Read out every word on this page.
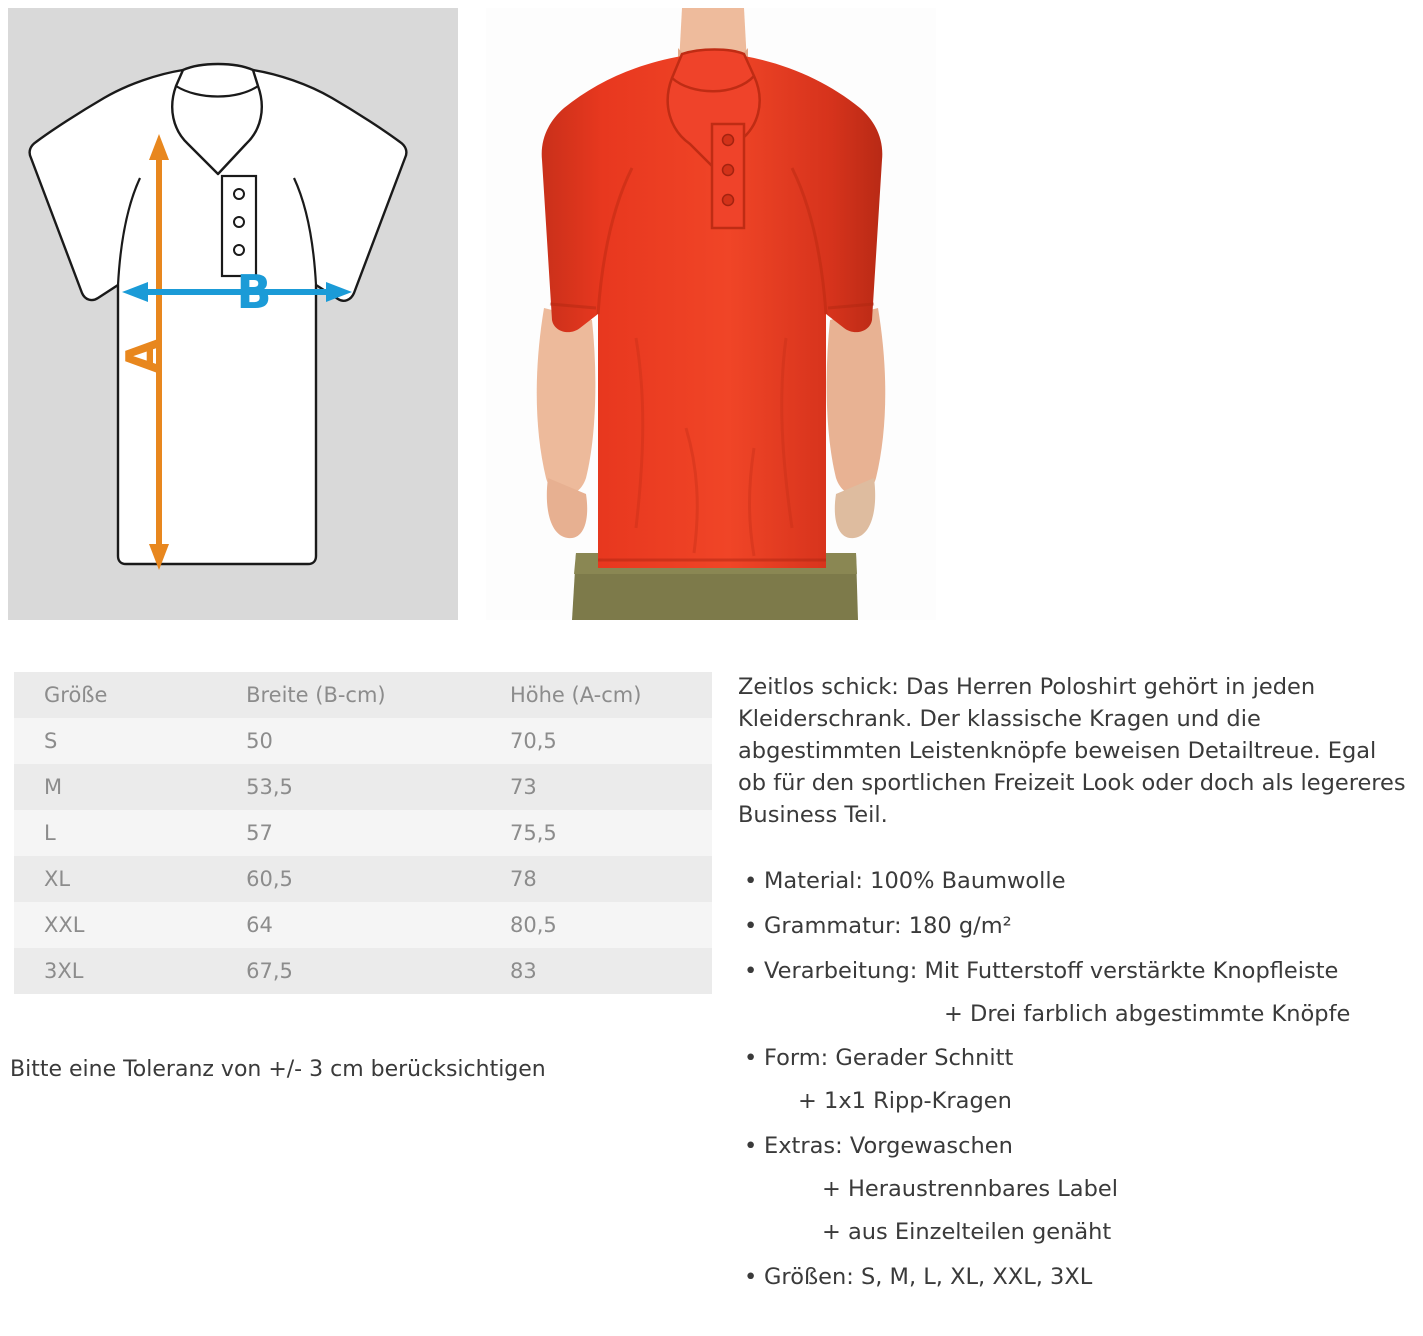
A
B
Größe	Breite (B-cm)	Höhe (A-cm)
S	50	70,5
M	53,5	73
L	57	75,5
XL	60,5	78
XXL	64	80,5
3XL	67,5	83
Bitte eine Toleranz von +/- 3 cm berücksichtigen

Zeitlos schick: Das Herren Poloshirt gehört in jeden Kleiderschrank. Der klassische Kragen und die abgestimmten Leistenknöpfe beweisen Detailtreue. Egal ob für den sportlichen Freizeit Look oder doch als legereres Business Teil.

• Material: 100% Baumwolle
• Grammatur: 180 g/m²
• Verarbeitung: Mit Futterstoff verstärkte Knopfleiste
+ Drei farblich abgestimmte Knöpfe
• Form: Gerader Schnitt
+ 1x1 Ripp-Kragen
• Extras: Vorgewaschen
+ Heraustrennbares Label
+ aus Einzelteilen genäht
• Größen: S, M, L, XL, XXL, 3XL
